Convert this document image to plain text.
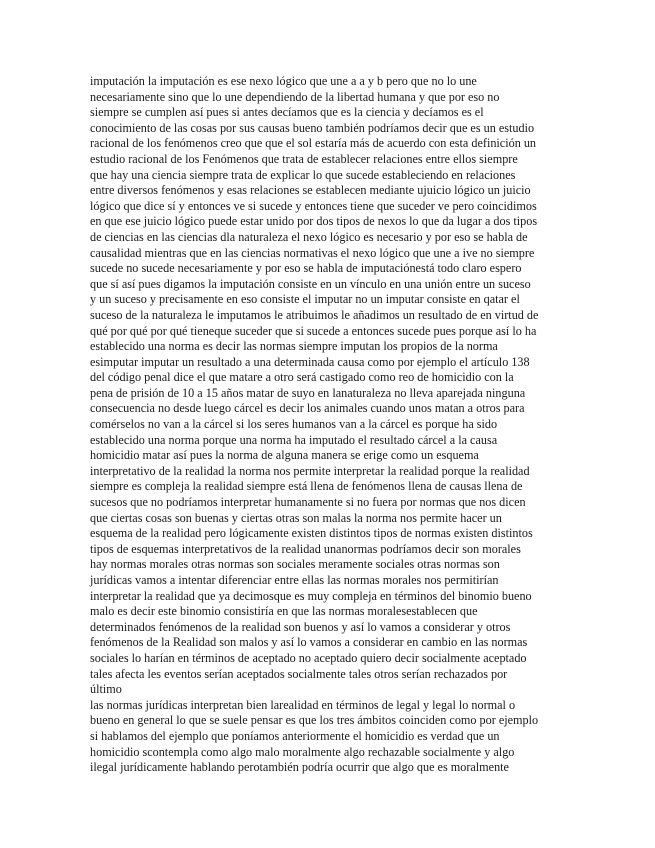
imputación la imputación es ese nexo lógico que une a a y b pero que no lo une
necesariamente sino que lo une dependiendo de la libertad humana y que por eso no
siempre se cumplen así pues si antes decíamos que es la ciencia y decíamos es el
conocimiento de las cosas por sus causas bueno también podríamos decir que es un estudio
racional de los fenómenos creo que que el sol estaría más de acuerdo con esta definición un
estudio racional de los Fenómenos que trata de establecer relaciones entre ellos siempre
que hay una ciencia siempre trata de explicar lo que sucede estableciendo en relaciones
entre diversos fenómenos y esas relaciones se establecen mediante ujuicio lógico un juicio
lógico que dice sí y entonces ve si sucede y entonces tiene que suceder ve pero coincidimos
en que ese juicio lógico puede estar unido por dos tipos de nexos lo que da lugar a dos tipos
de ciencias en las ciencias dla naturaleza el nexo lógico es necesario y por eso se habla de
causalidad mientras que en las ciencias normativas el nexo lógico que une a ive no siempre
sucede no sucede necesariamente y por eso se habla de imputaciónestá todo claro espero
que sí así pues digamos la imputación consiste en un vínculo en una unión entre un suceso
y un suceso y precisamente en eso consiste el imputar no un imputar consiste en qatar el
suceso de la naturaleza le imputamos le atribuimos le añadimos un resultado de en virtud de
qué por qué por qué tieneque suceder que si sucede a entonces sucede pues porque así lo ha
establecido una norma es decir las normas siempre imputan los propios de la norma
esimputar imputar un resultado a una determinada causa como por ejemplo el artículo 138
del código penal dice el que matare a otro será castigado como reo de homicidio con la
pena de prisión de 10 a 15 años matar de suyo en lanaturaleza no lleva aparejada ninguna
consecuencia no desde luego cárcel es decir los animales cuando unos matan a otros para
comérselos no van a la cárcel si los seres humanos van a la cárcel es porque ha sido
establecido una norma porque una norma ha imputado el resultado cárcel a la causa
homicidio matar así pues la norma de alguna manera se erige como un esquema
interpretativo de la realidad la norma nos permite interpretar la realidad porque la realidad
siempre es compleja la realidad siempre está llena de fenómenos llena de causas llena de
sucesos que no podríamos interpretar humanamente si no fuera por normas que nos dicen
que ciertas cosas son buenas y ciertas otras son malas la norma nos permite hacer un
esquema de la realidad pero lógicamente existen distintos tipos de normas existen distintos
tipos de esquemas interpretativos de la realidad unanormas podríamos decir son morales
hay normas morales otras normas son sociales meramente sociales otras normas son
jurídicas vamos a intentar diferenciar entre ellas las normas morales nos permitirían
interpretar la realidad que ya decimosque es muy compleja en términos del binomio bueno
malo es decir este binomio consistiría en que las normas moralesestablecen que
determinados fenómenos de la realidad son buenos y así lo vamos a considerar y otros
fenómenos de la Realidad son malos y así lo vamos a considerar en cambio en las normas
sociales lo harían en términos de aceptado no aceptado quiero decir socialmente aceptado
tales afecta les eventos serían aceptados socialmente tales otros serían rechazados por
último
las normas jurídicas interpretan bien larealidad en términos de legal y legal lo normal o
bueno en general lo que se suele pensar es que los tres ámbitos coinciden como por ejemplo
si hablamos del ejemplo que poníamos anteriormente el homicidio es verdad que un
homicidio scontempla como algo malo moralmente algo rechazable socialmente y algo
ilegal jurídicamente hablando perotambién podría ocurrir que algo que es moralmente
